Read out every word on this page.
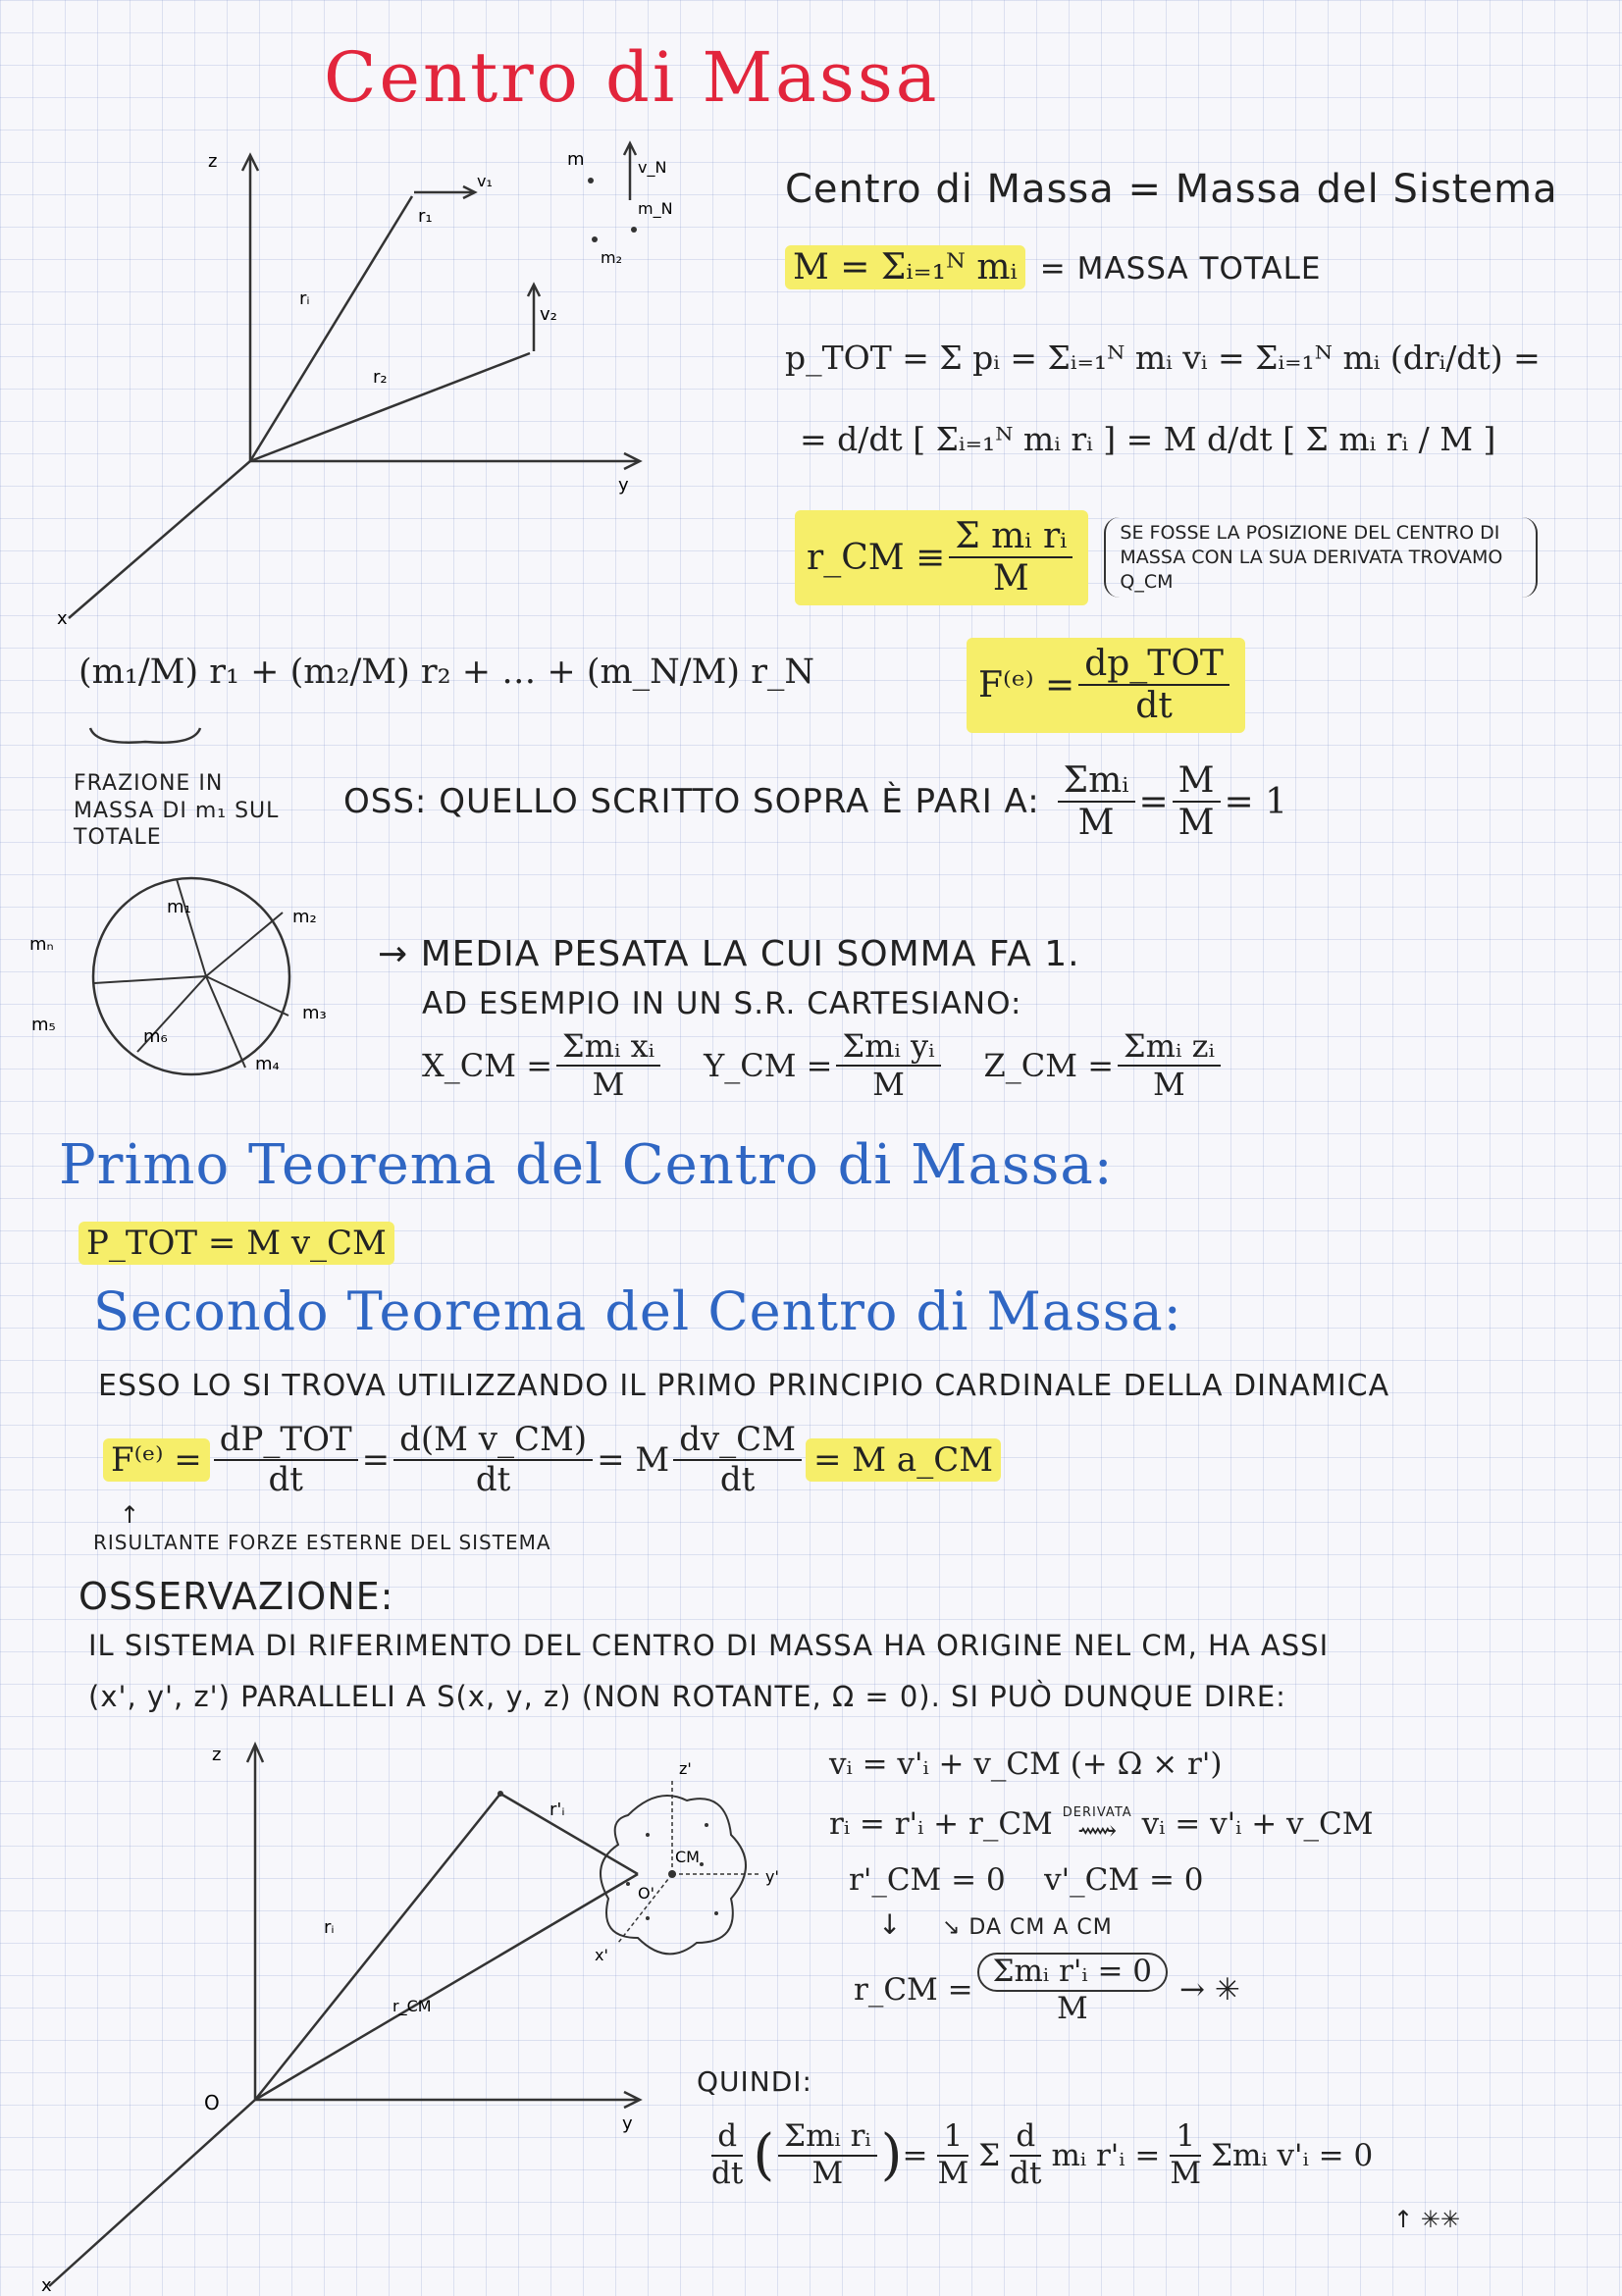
Centro di Massa
z
y
x
r₁
rᵢ
r₂
v₂
v_N
m
m_N
m₂
v₁	Centro di Massa = Massa del Sistema
M = Σᵢ₌₁ᴺ mᵢ = MASSA TOTALE
p_TOT = Σ pᵢ = Σᵢ₌₁ᴺ mᵢ vᵢ = Σᵢ₌₁ᴺ mᵢ (drᵢ/dt) =
= d/dt [ Σᵢ₌₁ᴺ mᵢ rᵢ ] = M d/dt [ Σ mᵢ rᵢ / M ]
r_CM ≡ $\frac{\text{Σ mᵢ rᵢ}}{M}$	SE FOSSE LA POSIZIONE DEL CENTRO DI MASSA CON LA SUA DERIVATA TROVAMO Q_CM
(m₁/M) r₁ + (m₂/M) r₂ + … + (m_N/M) r_N
FRAZIONE IN MASSA DI m₁ SUL TOTALE
F⁽ᵉ⁾ = $\frac{\text{dp\_TOT}}{dt}$
OSS: QUELLO SCRITTO SOPRA È PARI A: $\frac{\text{Σmᵢ}}{M} = \frac{M}{M} = 1$
m₁	m₂
m₃
m₄
m₅
m₆
mₙ	→ MEDIA PESATA LA CUI SOMMA FA 1.
AD ESEMPIO IN UN S.R. CARTESIANO:
X_CM = $\frac{\text{Σmᵢ xᵢ}}{M}$ Y_CM = $\frac{\text{Σmᵢ yᵢ}}{M}$ Z_CM = $\frac{\text{Σmᵢ zᵢ}}{M}$
Primo Teorema del Centro di Massa:
P_TOT = M v_CM
Secondo Teorema del Centro di Massa:
ESSO LO SI TROVA UTILIZZANDO IL PRIMO PRINCIPIO CARDINALE DELLA DINAMICA
F⁽ᵉ⁾ = $\frac{\text{dP\_TOT}}{dt} = \frac{\text{d(M v\_CM)}}{dt} = M \frac{dv\_CM}{dt} = M$ a_CM
↑
RISULTANTE FORZE ESTERNE DEL SISTEMA
OSSERVAZIONE:
IL SISTEMA DI RIFERIMENTO DEL CENTRO DI MASSA HA ORIGINE NEL CM, HA ASSI
(x', y', z') PARALLELI A S(x, y, z) (NON ROTANTE, Ω = 0). SI PUÒ DUNQUE DIRE:
z
y
x
O
z'
y'
x'
O'
rᵢ
r'ᵢ
r_CM
CM
vᵢ = v'ᵢ + v_CM (+ Ω × r')
rᵢ = r'ᵢ + r_CM DERIVATA
⟿ vᵢ = v'ᵢ + v_CM
r'_CM = 0    v'_CM = 0
↓ ↘ DA CM A CM
r_CM = $\frac{\text{Σmᵢ r'ᵢ = 0}}{M}$ → ✳
QUINDI:
$\frac{d}{dt}$ ( $\frac{\text{Σmᵢ rᵢ}}{M}$ ) = $\frac{1}{M}$ Σ $\frac{d}{dt}$ mᵢ r'ᵢ = $\frac{1}{M}$ Σmᵢ v'ᵢ = 0
↑ ✳✳
